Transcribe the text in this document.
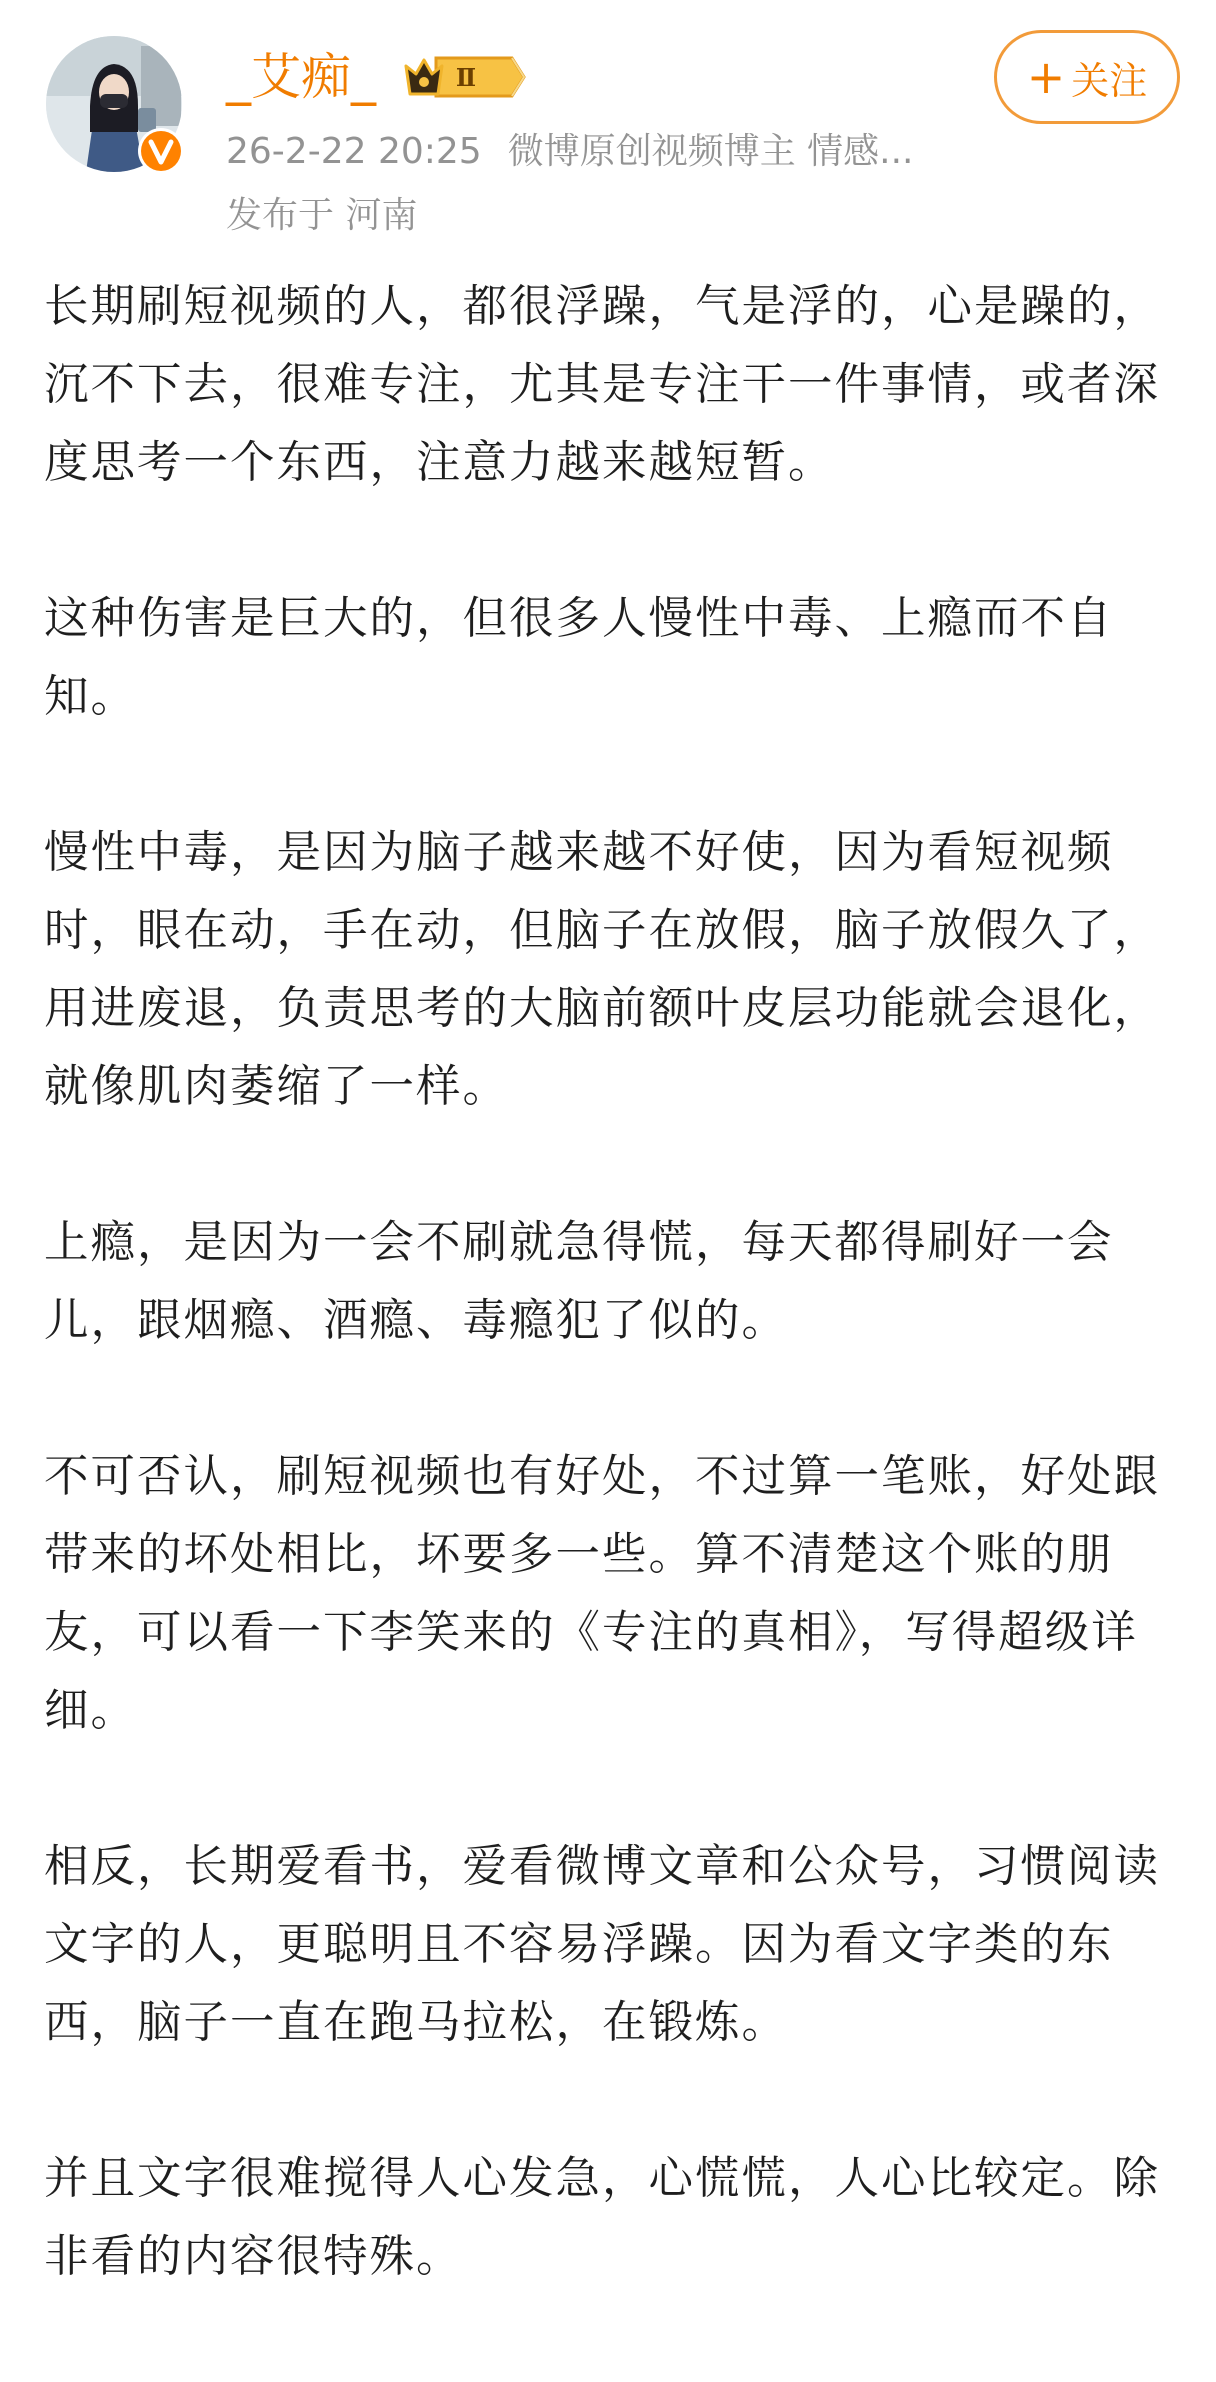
_艾痴_	Ⅱ	+ 关注
26-2-22 20:25 微博原创视频博主 情感...
发布于 河南

长期刷短视频的人，都很浮躁，气是浮的，心是躁的，沉不下去，很难专注，尤其是专注干一件事情，或者深度思考一个东西，注意力越来越短暂。

这种伤害是巨大的，但很多人慢性中毒、上瘾而不自知。

慢性中毒，是因为脑子越来越不好使，因为看短视频时，眼在动，手在动，但脑子在放假，脑子放假久了，用进废退，负责思考的大脑前额叶皮层功能就会退化，就像肌肉萎缩了一样。

上瘾，是因为一会不刷就急得慌，每天都得刷好一会儿，跟烟瘾、酒瘾、毒瘾犯了似的。

不可否认，刷短视频也有好处，不过算一笔账，好处跟带来的坏处相比，坏要多一些。算不清楚这个账的朋友，可以看一下李笑来的《专注的真相》，写得超级详细。

相反，长期爱看书，爱看微博文章和公众号，习惯阅读文字的人，更聪明且不容易浮躁。因为看文字类的东西，脑子一直在跑马拉松，在锻炼。

并且文字很难搅得人心发急，心慌慌，人心比较定。除非看的内容很特殊。
